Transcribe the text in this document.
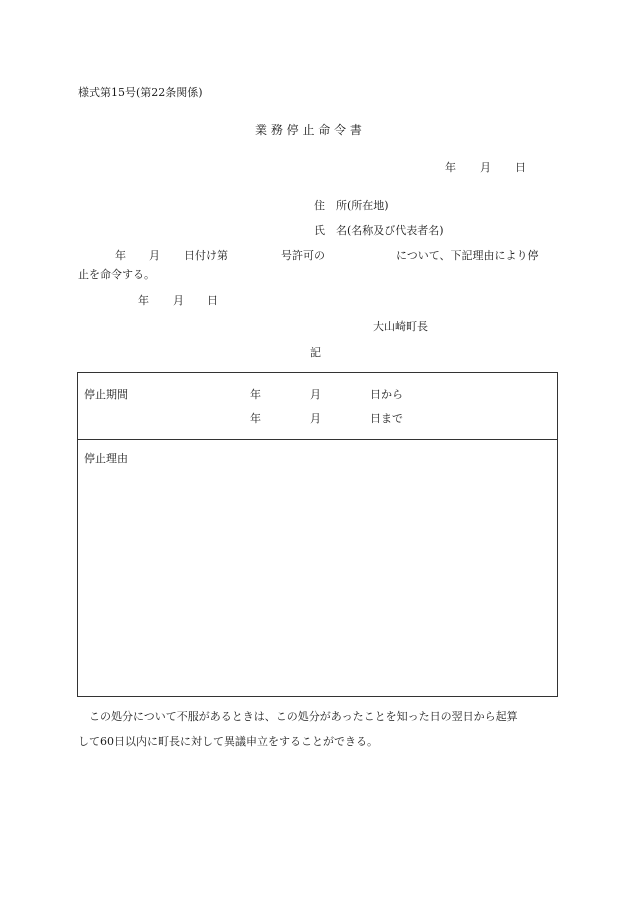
様式第15号(第22条関係)
業 務 停 止 命 令 書
年 月 日
住　所(所在地)
氏　名(名称及び代表者名)
年 月 日付け第	号許可の	について、下記理由により停
止を命令する。
年 月 日
大山崎町長
記
停止期間	年	月	日から
年	月	日まで
停止理由
この処分について不服があるときは、この処分があったことを知った日の翌日から起算
して60日以内に町長に対して異議申立をすることができる。
